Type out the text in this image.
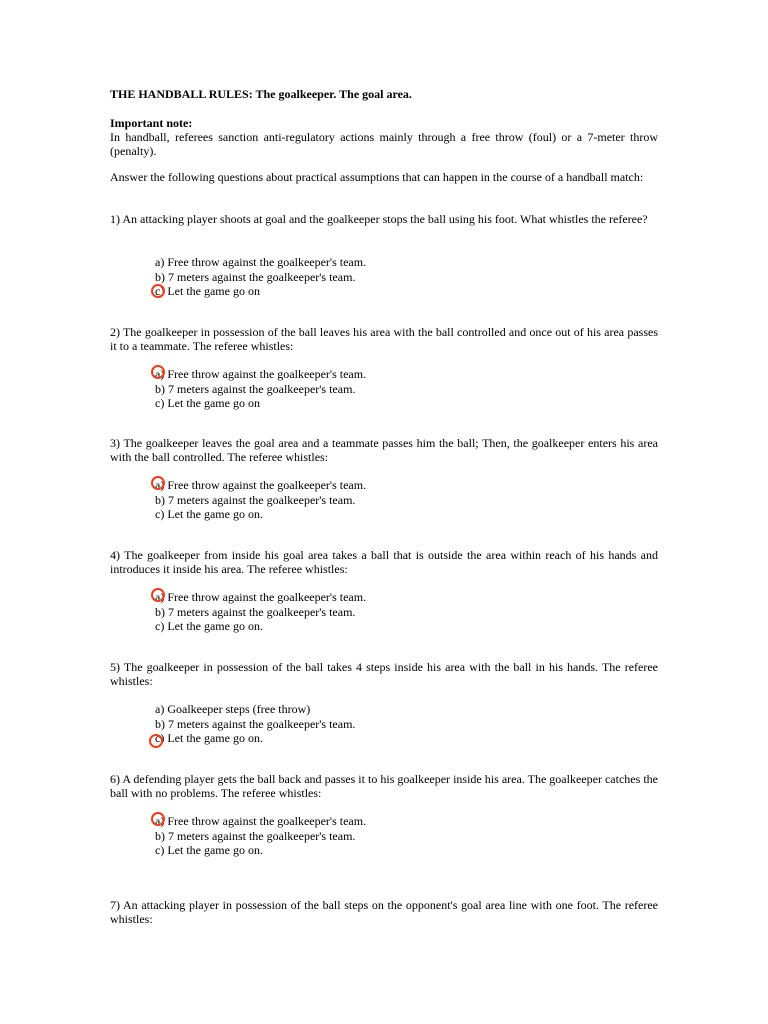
THE HANDBALL RULES: The goalkeeper. The goal area.

Important note:

In handball, referees sanction anti-regulatory actions mainly through a free throw (foul) or a 7-meter throw (penalty).

Answer the following questions about practical assumptions that can happen in the course of a handball match:

1) An attacking player shoots at goal and the goalkeeper stops the ball using his foot. What whistles the referee?
a) Free throw against the goalkeeper's team.
b) 7 meters against the goalkeeper's team.
c) Let the game go on
2) The goalkeeper in possession of the ball leaves his area with the ball controlled and once out of his area passes it to a teammate. The referee whistles:
a) Free throw against the goalkeeper's team.
b) 7 meters against the goalkeeper's team.
c) Let the game go on
3) The goalkeeper leaves the goal area and a teammate passes him the ball; Then, the goalkeeper enters his area with the ball controlled. The referee whistles:
a) Free throw against the goalkeeper's team.
b) 7 meters against the goalkeeper's team.
c) Let the game go on.
4) The goalkeeper from inside his goal area takes a ball that is outside the area within reach of his hands and introduces it inside his area. The referee whistles:
a) Free throw against the goalkeeper's team.
b) 7 meters against the goalkeeper's team.
c) Let the game go on.
5) The goalkeeper in possession of the ball takes 4 steps inside his area with the ball in his hands. The referee whistles:
a) Goalkeeper steps (free throw)
b) 7 meters against the goalkeeper's team.
c) Let the game go on.
6) A defending player gets the ball back and passes it to his goalkeeper inside his area. The goalkeeper catches the ball with no problems. The referee whistles:
a) Free throw against the goalkeeper's team.
b) 7 meters against the goalkeeper's team.
c) Let the game go on.
7) An attacking player in possession of the ball steps on the opponent's goal area line with one foot. The referee whistles:
